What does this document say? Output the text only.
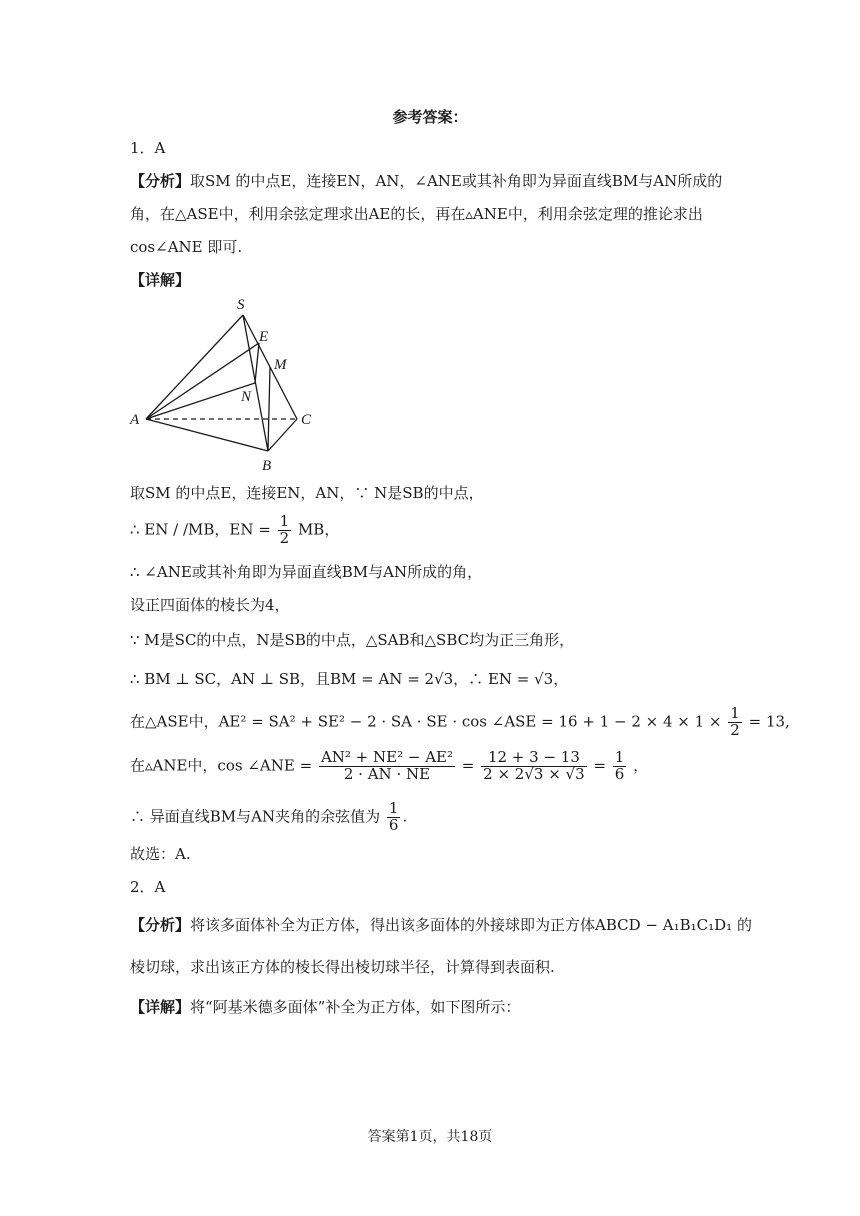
参考答案：
1．A
【分析】取SM 的中点E，连接EN，AN，∠ANE或其补角即为异面直线BM与AN所成的
角，在△ASE中，利用余弦定理求出AE的长，再在▵ANE中，利用余弦定理的推论求出
cos∠ANE 即可.
【详解】
S
E
M
N
A	C
B
取SM 的中点E，连接EN，AN，∵ N是SB的中点，
∴ EN / /MB，EN = $\frac{1}{2}$ MB，
∴ ∠ANE或其补角即为异面直线BM与AN所成的角，
设正四面体的棱长为4，
∵ M是SC的中点，N是SB的中点，△SAB和△SBC均为正三角形，
∴ BM ⊥ SC，AN ⊥ SB，且BM = AN = 2√3，∴ EN = √3，
在△ASE中，AE² = SA² + SE² − 2 · SA · SE · cos ∠ASE = $16 + 1 - 2 \times 4 \times 1 \times \frac{1}{2} = 13$,
在▵ANE中，cos ∠ANE = $\frac{\text{AN² + NE² − AE²}}{2 \cdot AN \cdot NE} = \frac{12 + 3 - 13}{2 \times 2√3 \times √3} = \frac{1}{6}$ ，
∴ 异面直线BM与AN夹角的余弦值为 $\frac{1}{6}$ .
故选：A.
2．A
【分析】将该多面体补全为正方体，得出该多面体的外接球即为正方体ABCD − A₁B₁C₁D₁ 的
棱切球，求出该正方体的棱长得出棱切球半径，计算得到表面积.
【详解】将“阿基米德多面体”补全为正方体，如下图所示：
答案第1页，共18页
